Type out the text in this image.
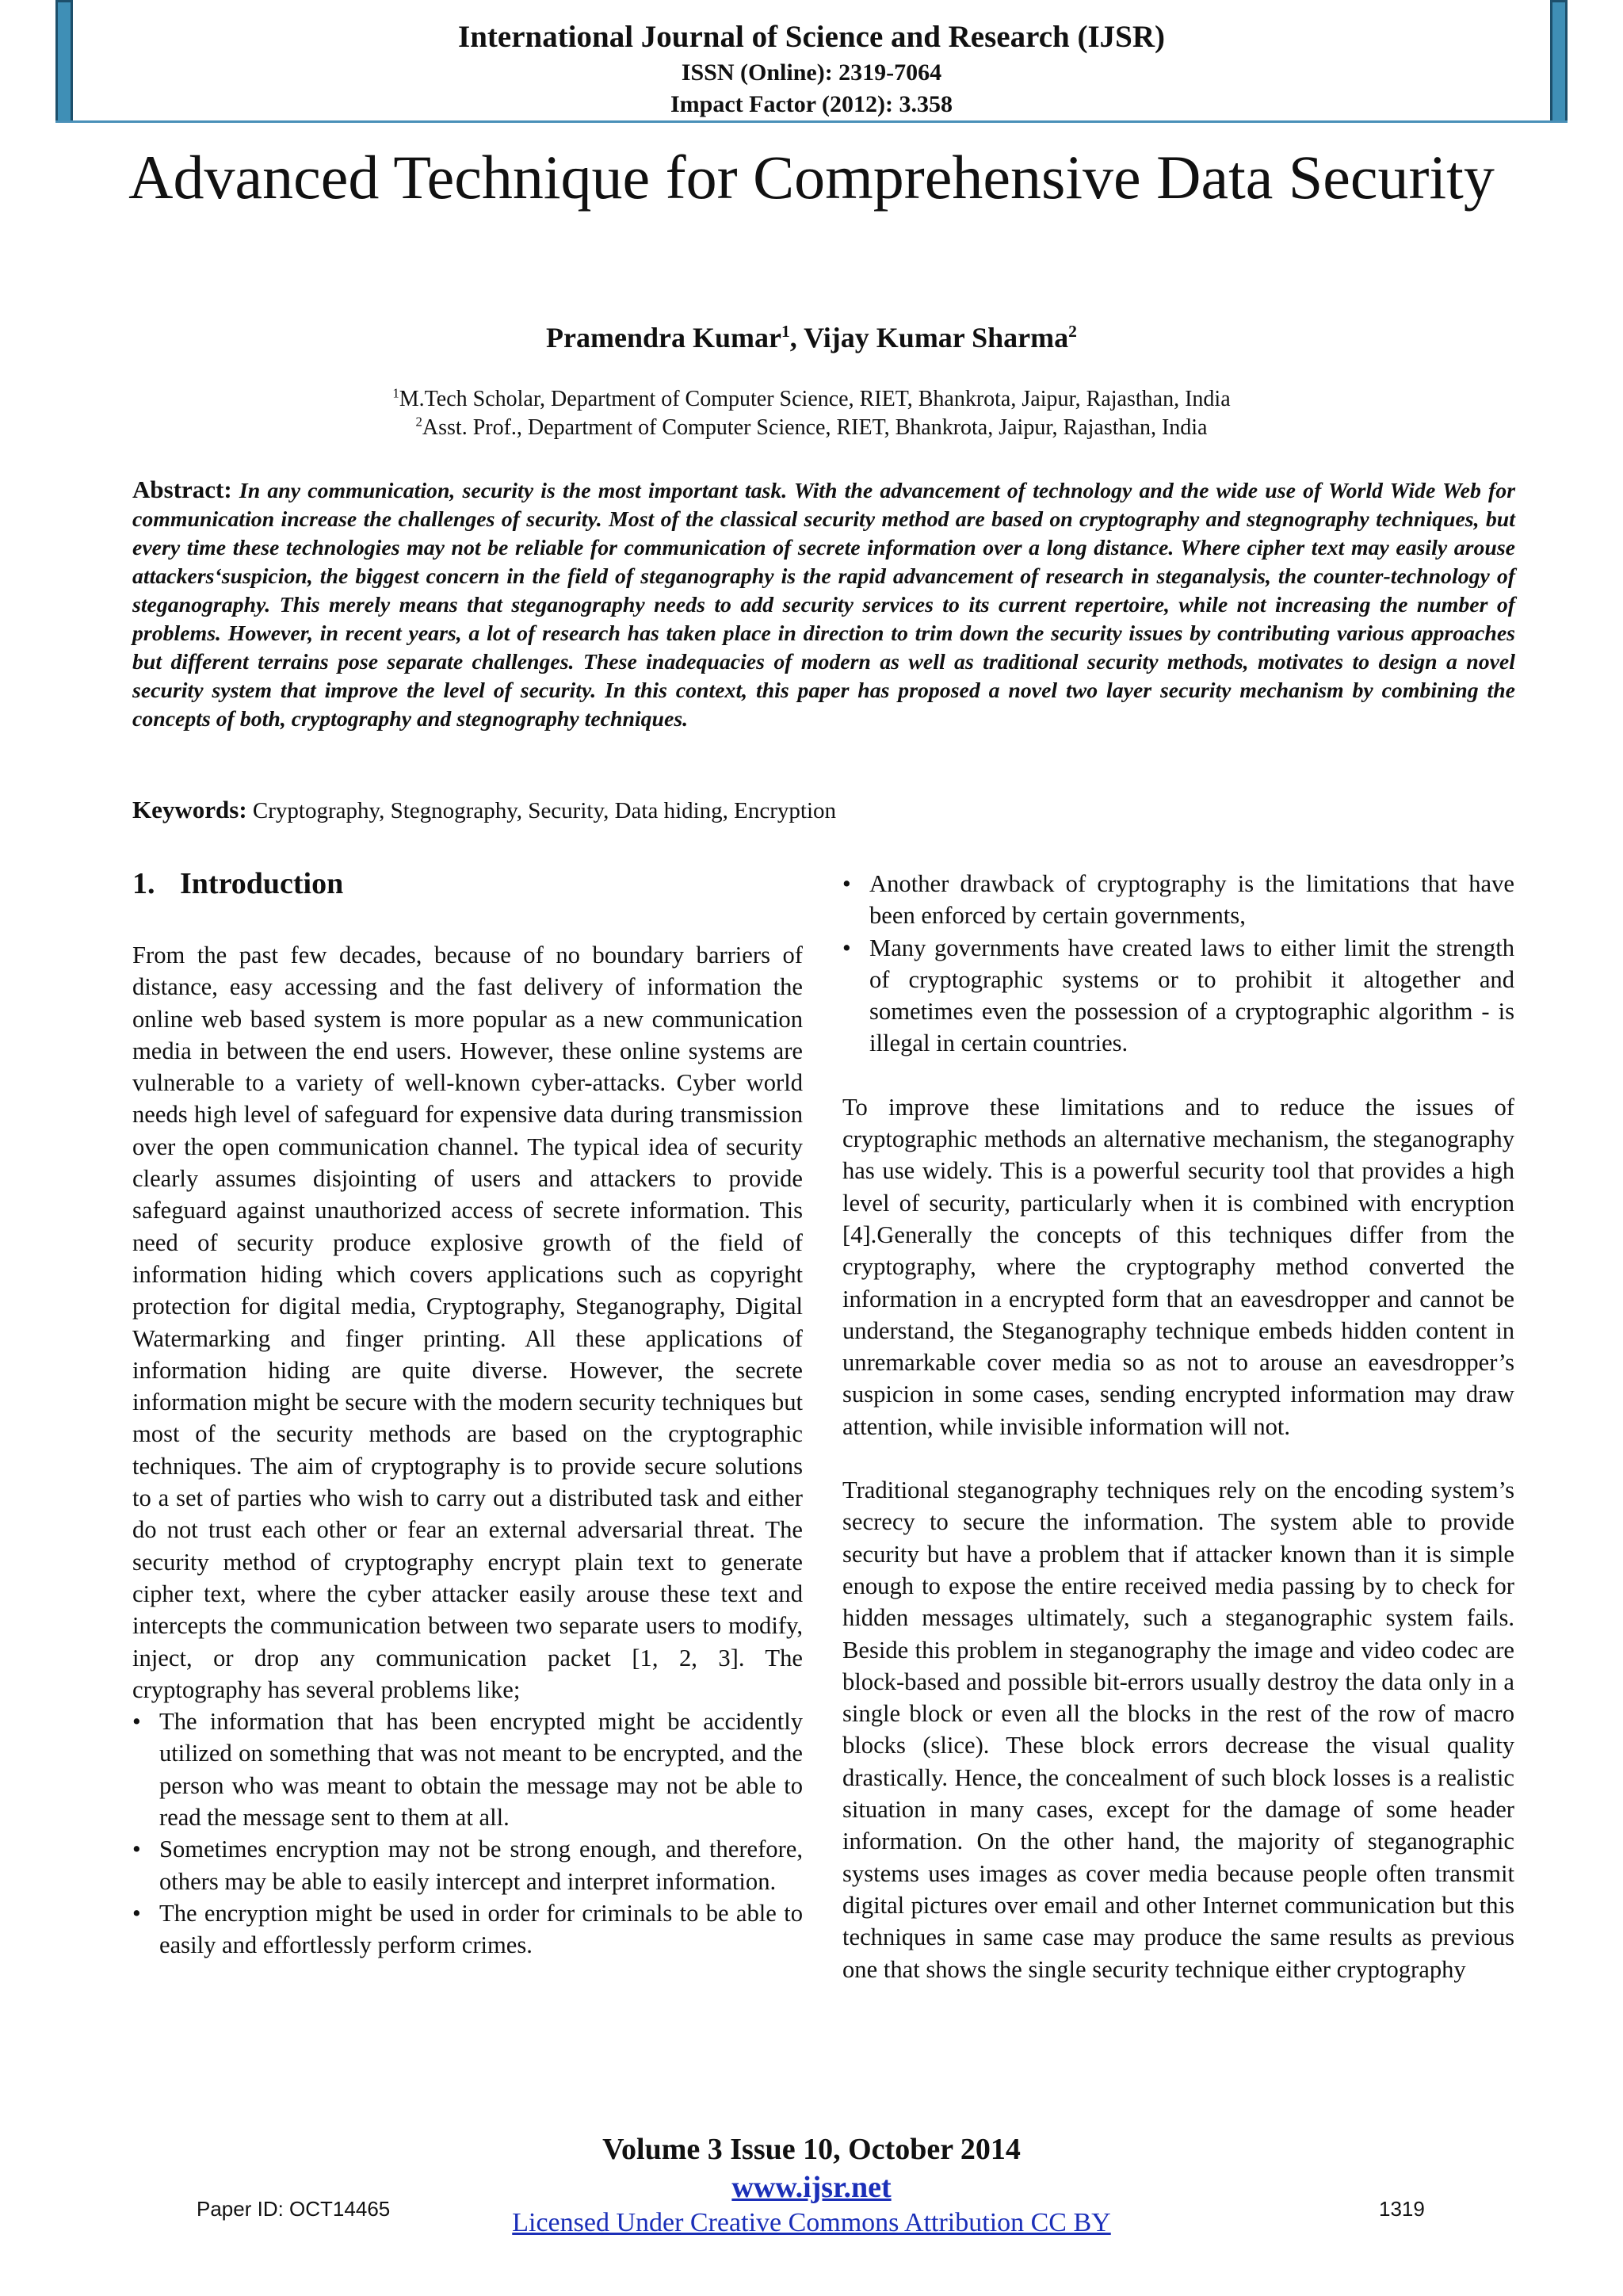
International Journal of Science and Research (IJSR)
ISSN (Online): 2319-7064
Impact Factor (2012): 3.358
Advanced Technique for Comprehensive Data Security
Pramendra Kumar$^1$, Vijay Kumar Sharma$^2$
$^1$M.Tech Scholar, Department of Computer Science, RIET, Bhankrota, Jaipur, Rajasthan, India
$^2$Asst. Prof., Department of Computer Science, RIET, Bhankrota, Jaipur, Rajasthan, India
Abstract: In any communication, security is the most important task. With the advancement of technology and the wide use of World Wide Web for communication increase the challenges of security. Most of the classical security method are based on cryptography and stegnography techniques, but every time these technologies may not be reliable for communication of secrete information over a long distance. Where cipher text may easily arouse attackers‘suspicion, the biggest concern in the field of steganography is the rapid advancement of research in steganalysis, the counter-technology of steganography. This merely means that steganography needs to add security services to its current repertoire, while not increasing the number of problems. However, in recent years, a lot of research has taken place in direction to trim down the security issues by contributing various approaches but different terrains pose separate challenges. These inadequacies of modern as well as traditional security methods, motivates to design a novel security system that improve the level of security. In this context, this paper has proposed a novel two layer security mechanism by combining the concepts of both, cryptography and stegnography techniques.
Keywords: Cryptography, Stegnography, Security, Data hiding, Encryption
1. Introduction

From the past few decades, because of no boundary barriers of distance, easy accessing and the fast delivery of information the online web based system is more popular as a new communication media in between the end users. However, these online systems are vulnerable to a variety of well-known cyber-attacks. Cyber world needs high level of safeguard for expensive data during transmission over the open communication channel. The typical idea of security clearly assumes disjointing of users and attackers to provide safeguard against unauthorized access of secrete information. This need of security produce explosive growth of the field of information hiding which covers applications such as copyright protection for digital media, Cryptography, Steganography, Digital Watermarking and finger printing. All these applications of information hiding are quite diverse. However, the secrete information might be secure with the modern security techniques but most of the security methods are based on the cryptographic techniques. The aim of cryptography is to provide secure solutions to a set of parties who wish to carry out a distributed task and either do not trust each other or fear an external adversarial threat. The security method of cryptography encrypt plain text to generate cipher text, where the cyber attacker easily arouse these text and intercepts the communication between two separate users to modify, inject, or drop any communication packet [1, 2, 3]. The cryptography has several problems like;

• The information that has been encrypted might be accidently utilized on something that was not meant to be encrypted, and the person who was meant to obtain the message may not be able to read the message sent to them at all.
• Sometimes encryption may not be strong enough, and therefore, others may be able to easily intercept and interpret information.
• The encryption might be used in order for criminals to be able to easily and effortlessly perform crimes.
• Another drawback of cryptography is the limitations that have been enforced by certain governments,
• Many governments have created laws to either limit the strength of cryptographic systems or to prohibit it altogether and sometimes even the possession of a cryptographic algorithm - is illegal in certain countries.

To improve these limitations and to reduce the issues of cryptographic methods an alternative mechanism, the steganography has use widely. This is a powerful security tool that provides a high level of security, particularly when it is combined with encryption [4].Generally the concepts of this techniques differ from the cryptography, where the cryptography method converted the information in a encrypted form that an eavesdropper and cannot be understand, the Steganography technique embeds hidden content in unremarkable cover media so as not to arouse an eavesdropper’s suspicion in some cases, sending encrypted information may draw attention, while invisible information will not.

Traditional steganography techniques rely on the encoding system’s secrecy to secure the information. The system able to provide security but have a problem that if attacker known than it is simple enough to expose the entire received media passing by to check for hidden messages ultimately, such a steganographic system fails. Beside this problem in steganography the image and video codec are block-based and possible bit-errors usually destroy the data only in a single block or even all the blocks in the rest of the row of macro blocks (slice). These block errors decrease the visual quality drastically. Hence, the concealment of such block losses is a realistic situation in many cases, except for the damage of some header information. On the other hand, the majority of steganographic systems uses images as cover media because people often transmit digital pictures over email and other Internet communication but this techniques in same case may produce the same results as previous one that shows the single security technique either cryptography

Volume 3 Issue 10, October 2014
www.ijsr.net
Licensed Under Creative Commons Attribution CC BY
Paper ID: OCT14465	1319
